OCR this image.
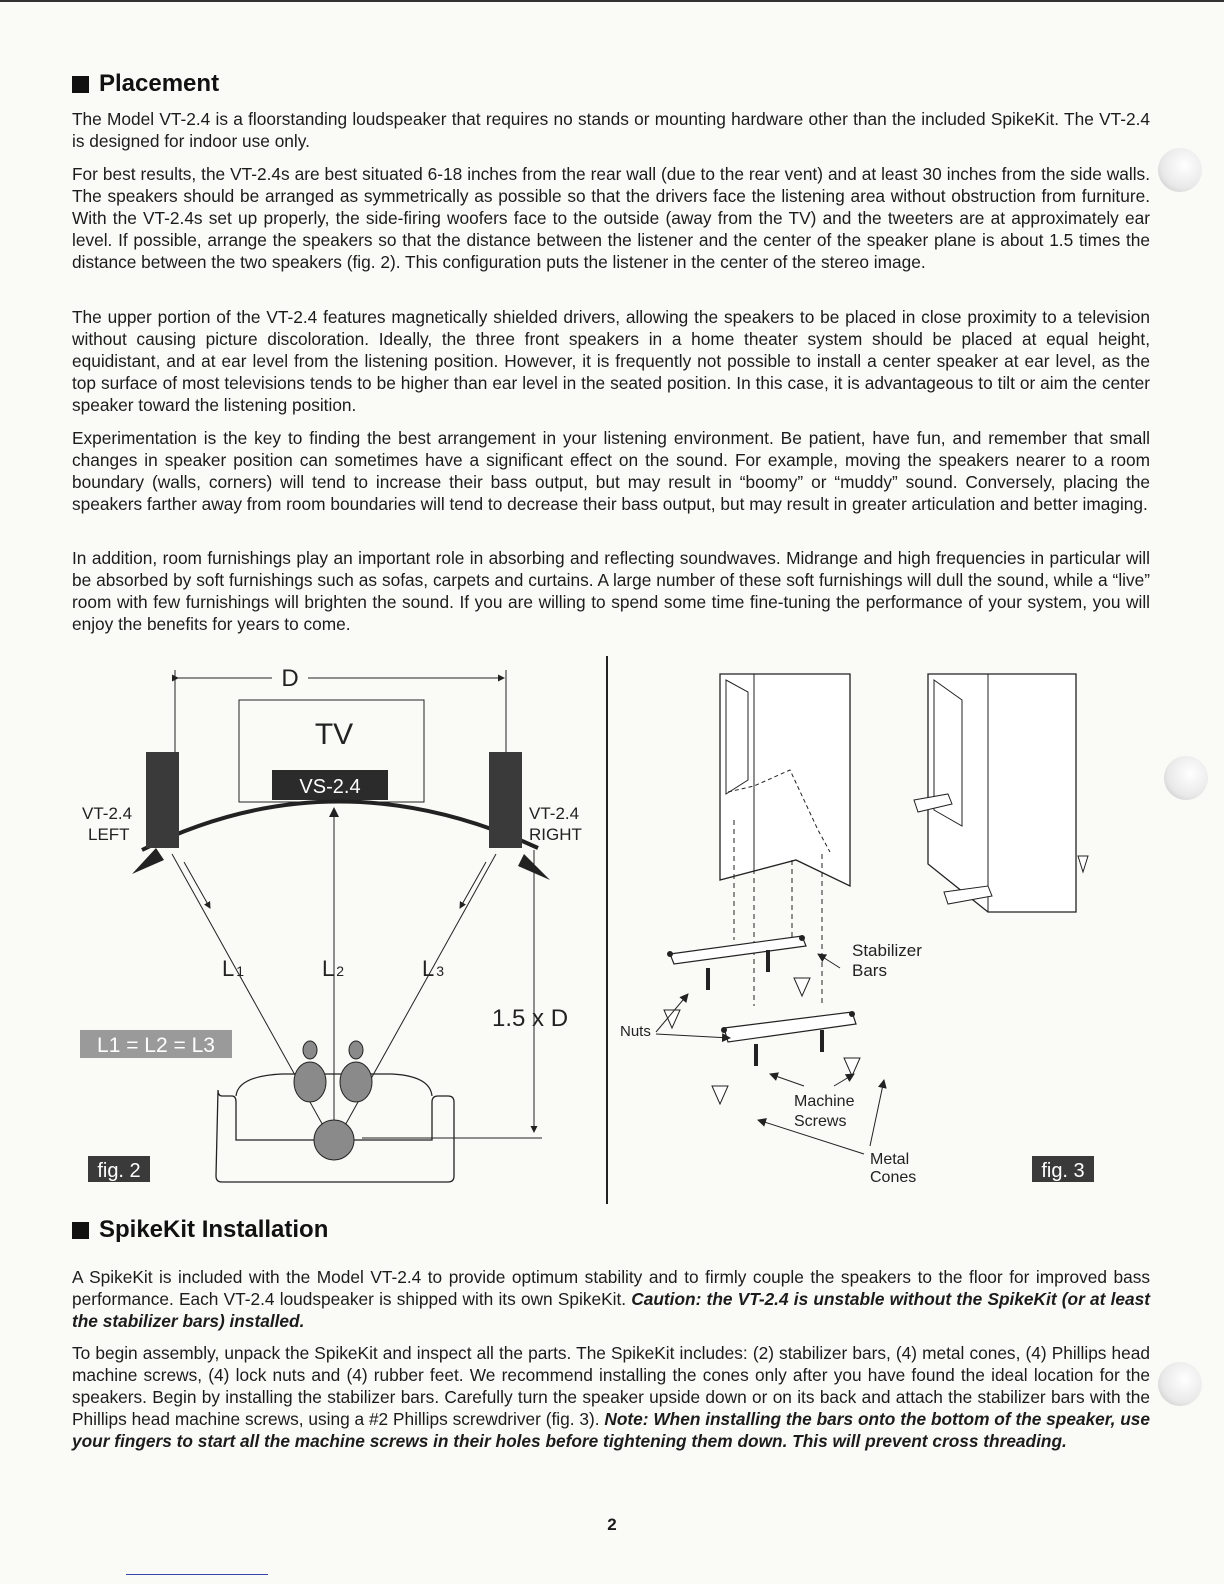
Placement

The Model VT-2.4 is a floorstanding loudspeaker that requires no stands or mounting hardware other than the included SpikeKit. The VT-2.4 is designed for indoor use only.

For best results, the VT-2.4s are best situated 6-18 inches from the rear wall (due to the rear vent) and at least 30 inches from the side walls. The speakers should be arranged as symmetrically as possible so that the drivers face the listening area without obstruction from furniture. With the VT-2.4s set up properly, the side-firing woofers face to the outside (away from the TV) and the tweeters are at approximately ear level. If possible, arrange the speakers so that the distance between the listener and the center of the speaker plane is about 1.5 times the distance between the two speakers (fig. 2). This configuration puts the listener in the center of the stereo image.

The upper portion of the VT-2.4 features magnetically shielded drivers, allowing the speakers to be placed in close proximity to a television without causing picture discoloration. Ideally, the three front speakers in a home theater system should be placed at equal height, equidistant, and at ear level from the listening position. However, it is frequently not possible to install a center speaker at ear level, as the top surface of most televisions tends to be higher than ear level in the seated position. In this case, it is advantageous to tilt or aim the center speaker toward the listening position.

Experimentation is the key to finding the best arrangement in your listening environment. Be patient, have fun, and remember that small changes in speaker position can sometimes have a significant effect on the sound. For example, moving the speakers nearer to a room boundary (walls, corners) will tend to increase their bass output, but may result in “boomy” or “muddy” sound. Conversely, placing the speakers farther away from room boundaries will tend to decrease their bass output, but may result in greater articulation and better imaging.

In addition, room furnishings play an important role in absorbing and reflecting soundwaves. Midrange and high frequencies in particular will be absorbed by soft furnishings such as sofas, carpets and curtains. A large number of these soft furnishings will dull the sound, while a “live” room with few furnishings will brighten the sound. If you are willing to spend some time fine-tuning the performance of your system, you will enjoy the benefits for years to come.

D
TV
VS-2.4
VT-2.4
LEFT
VT-2.4
RIGHT
L 1	L 2	L 3
1.5 x D
L1 = L2 = L3
fig. 2
Stabilizer
Bars
Nuts
Machine
Screws
Metal
Cones	fig. 3
SpikeKit Installation

A SpikeKit is included with the Model VT-2.4 to provide optimum stability and to firmly couple the speakers to the floor for improved bass performance. Each VT-2.4 loudspeaker is shipped with its own SpikeKit. Caution: the VT-2.4 is unstable without the SpikeKit (or at least the stabilizer bars) installed.

To begin assembly, unpack the SpikeKit and inspect all the parts. The SpikeKit includes: (2) stabilizer bars, (4) metal cones, (4) Phillips head machine screws, (4) lock nuts and (4) rubber feet. We recommend installing the cones only after you have found the ideal location for the speakers. Begin by installing the stabilizer bars. Carefully turn the speaker upside down or on its back and attach the stabilizer bars with the Phillips head machine screws, using a #2 Phillips screwdriver (fig. 3). Note: When installing the bars onto the bottom of the speaker, use your fingers to start all the machine screws in their holes before tightening them down. This will prevent cross threading.

2
